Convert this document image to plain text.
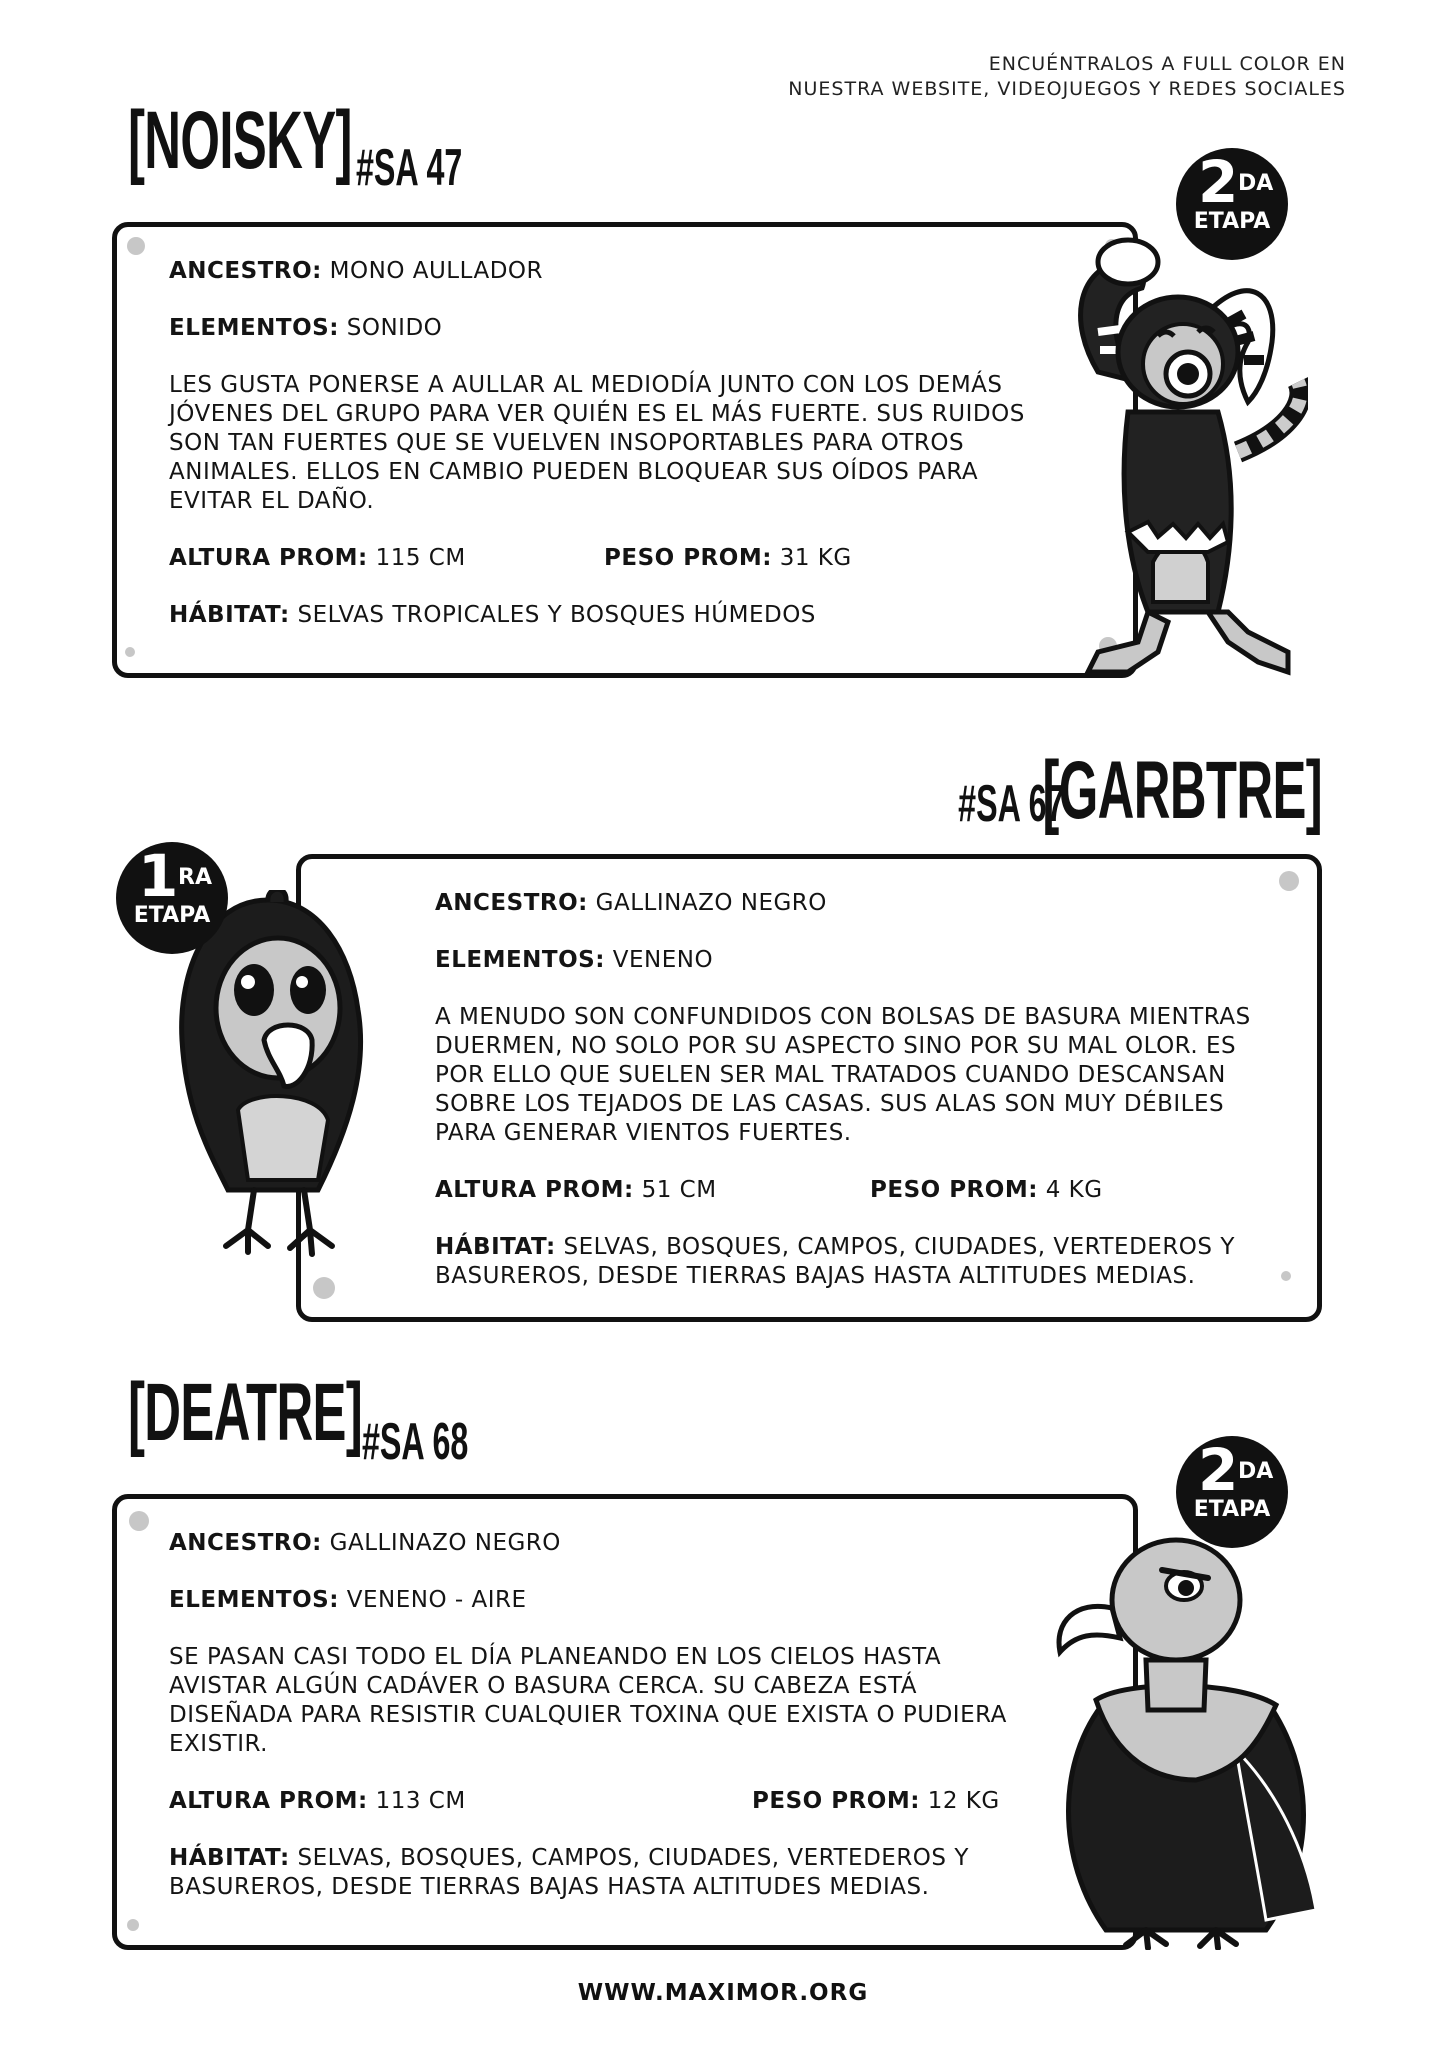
ENCUÉNTRALOS A FULL COLOR EN
NUESTRA WEBSITE, VIDEOJUEGOS Y REDES SOCIALES
[NOISKY] #SA 47
ANCESTRO: MONO AULLADOR
ELEMENTOS: SONIDO
LES GUSTA PONERSE A AULLAR AL MEDIODÍA JUNTO CON LOS DEMÁS JÓVENES DEL GRUPO PARA VER QUIÉN ES EL MÁS FUERTE. SUS RUIDOS SON TAN FUERTES QUE SE VUELVEN INSOPORTABLES PARA OTROS ANIMALES. ELLOS EN CAMBIO PUEDEN BLOQUEAR SUS OÍDOS PARA EVITAR EL DAÑO.
ALTURA PROM: 115 CM	PESO PROM: 31 KG
HÁBITAT: SELVAS TROPICALES Y BOSQUES HÚMEDOS
2 DA
ETAPA
#SA 67
[GARBTRE]
ANCESTRO: GALLINAZO NEGRO
ELEMENTOS: VENENO
A MENUDO SON CONFUNDIDOS CON BOLSAS DE BASURA MIENTRAS DUERMEN, NO SOLO POR SU ASPECTO SINO POR SU MAL OLOR. ES POR ELLO QUE SUELEN SER MAL TRATADOS CUANDO DESCANSAN SOBRE LOS TEJADOS DE LAS CASAS. SUS ALAS SON MUY DÉBILES PARA GENERAR VIENTOS FUERTES.
ALTURA PROM: 51 CM	PESO PROM: 4 KG
HÁBITAT: SELVAS, BOSQUES, CAMPOS, CIUDADES, VERTEDEROS Y BASUREROS, DESDE TIERRAS BAJAS HASTA ALTITUDES MEDIAS.
1 RA
ETAPA
[DEATRE] #SA 68
ANCESTRO: GALLINAZO NEGRO
ELEMENTOS: VENENO - AIRE
SE PASAN CASI TODO EL DÍA PLANEANDO EN LOS CIELOS HASTA AVISTAR ALGÚN CADÁVER O BASURA CERCA. SU CABEZA ESTÁ DISEÑADA PARA RESISTIR CUALQUIER TOXINA QUE EXISTA O PUDIERA EXISTIR.
ALTURA PROM: 113 CM	PESO PROM: 12 KG
HÁBITAT: SELVAS, BOSQUES, CAMPOS, CIUDADES, VERTEDEROS Y BASUREROS, DESDE TIERRAS BAJAS HASTA ALTITUDES MEDIAS.
2 DA
ETAPA
WWW.MAXIMOR.ORG
